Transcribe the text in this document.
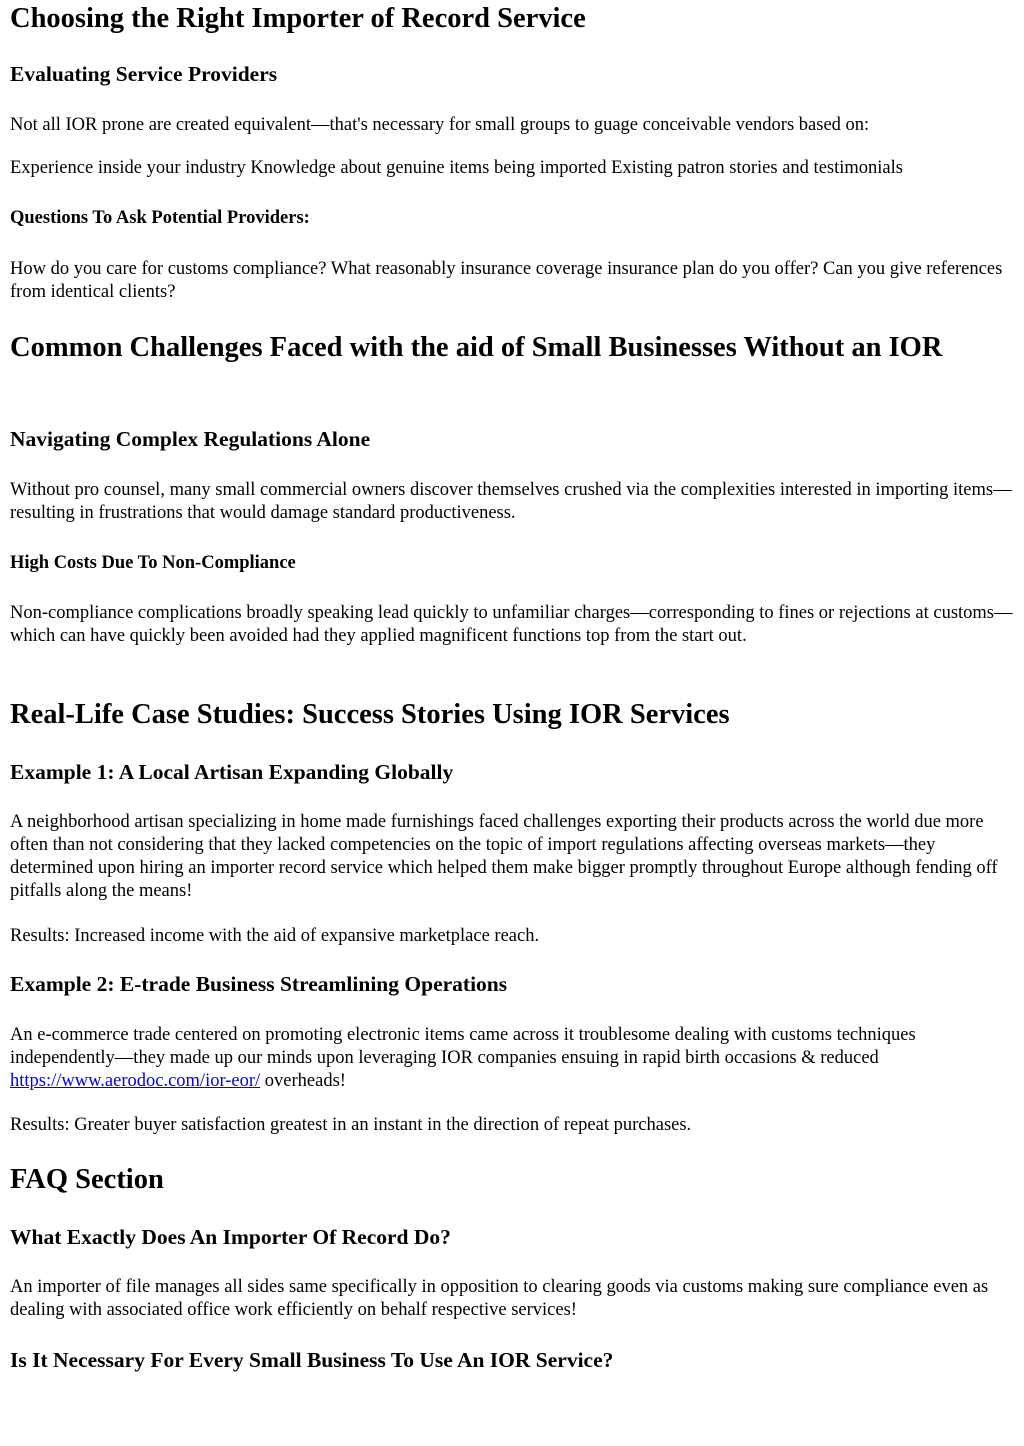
Choosing the Right Importer of Record Service
Evaluating Service Providers

Not all IOR prone are created equivalent—that's necessary for small groups to guage conceivable vendors based on:

Experience inside your industry Knowledge about genuine items being imported Existing patron stories and testimonials

Questions To Ask Potential Providers:

How do you care for customs compliance? What reasonably insurance coverage insurance plan do you offer? Can you give references from identical clients?

Common Challenges Faced with the aid of Small Businesses Without an IOR
Navigating Complex Regulations Alone

Without pro counsel, many small commercial owners discover themselves crushed via the complexities interested in importing items—resulting in frustrations that would damage standard productiveness.

High Costs Due To Non-Compliance

Non-compliance complications broadly speaking lead quickly to unfamiliar charges—corresponding to fines or rejections at customs—which can have quickly been avoided had they applied magnificent functions top from the start out.

Real-Life Case Studies: Success Stories Using IOR Services
Example 1: A Local Artisan Expanding Globally

A neighborhood artisan specializing in home made furnishings faced challenges exporting their products across the world due more often than not considering that they lacked competencies on the topic of import regulations affecting overseas markets—they determined upon hiring an importer record service which helped them make bigger promptly throughout Europe although fending off pitfalls along the means!

Results: Increased income with the aid of expansive marketplace reach.

Example 2: E-trade Business Streamlining Operations

An e-commerce trade centered on promoting electronic items came across it troublesome dealing with customs techniques independently—they made up our minds upon leveraging IOR companies ensuing in rapid birth occasions & reduced https://www.aerodoc.com/ior-eor/ overheads!

Results: Greater buyer satisfaction greatest in an instant in the direction of repeat purchases.

FAQ Section
What Exactly Does An Importer Of Record Do?

An importer of file manages all sides same specifically in opposition to clearing goods via customs making sure compliance even as dealing with associated office work efficiently on behalf respective services!

Is It Necessary For Every Small Business To Use An IOR Service?
